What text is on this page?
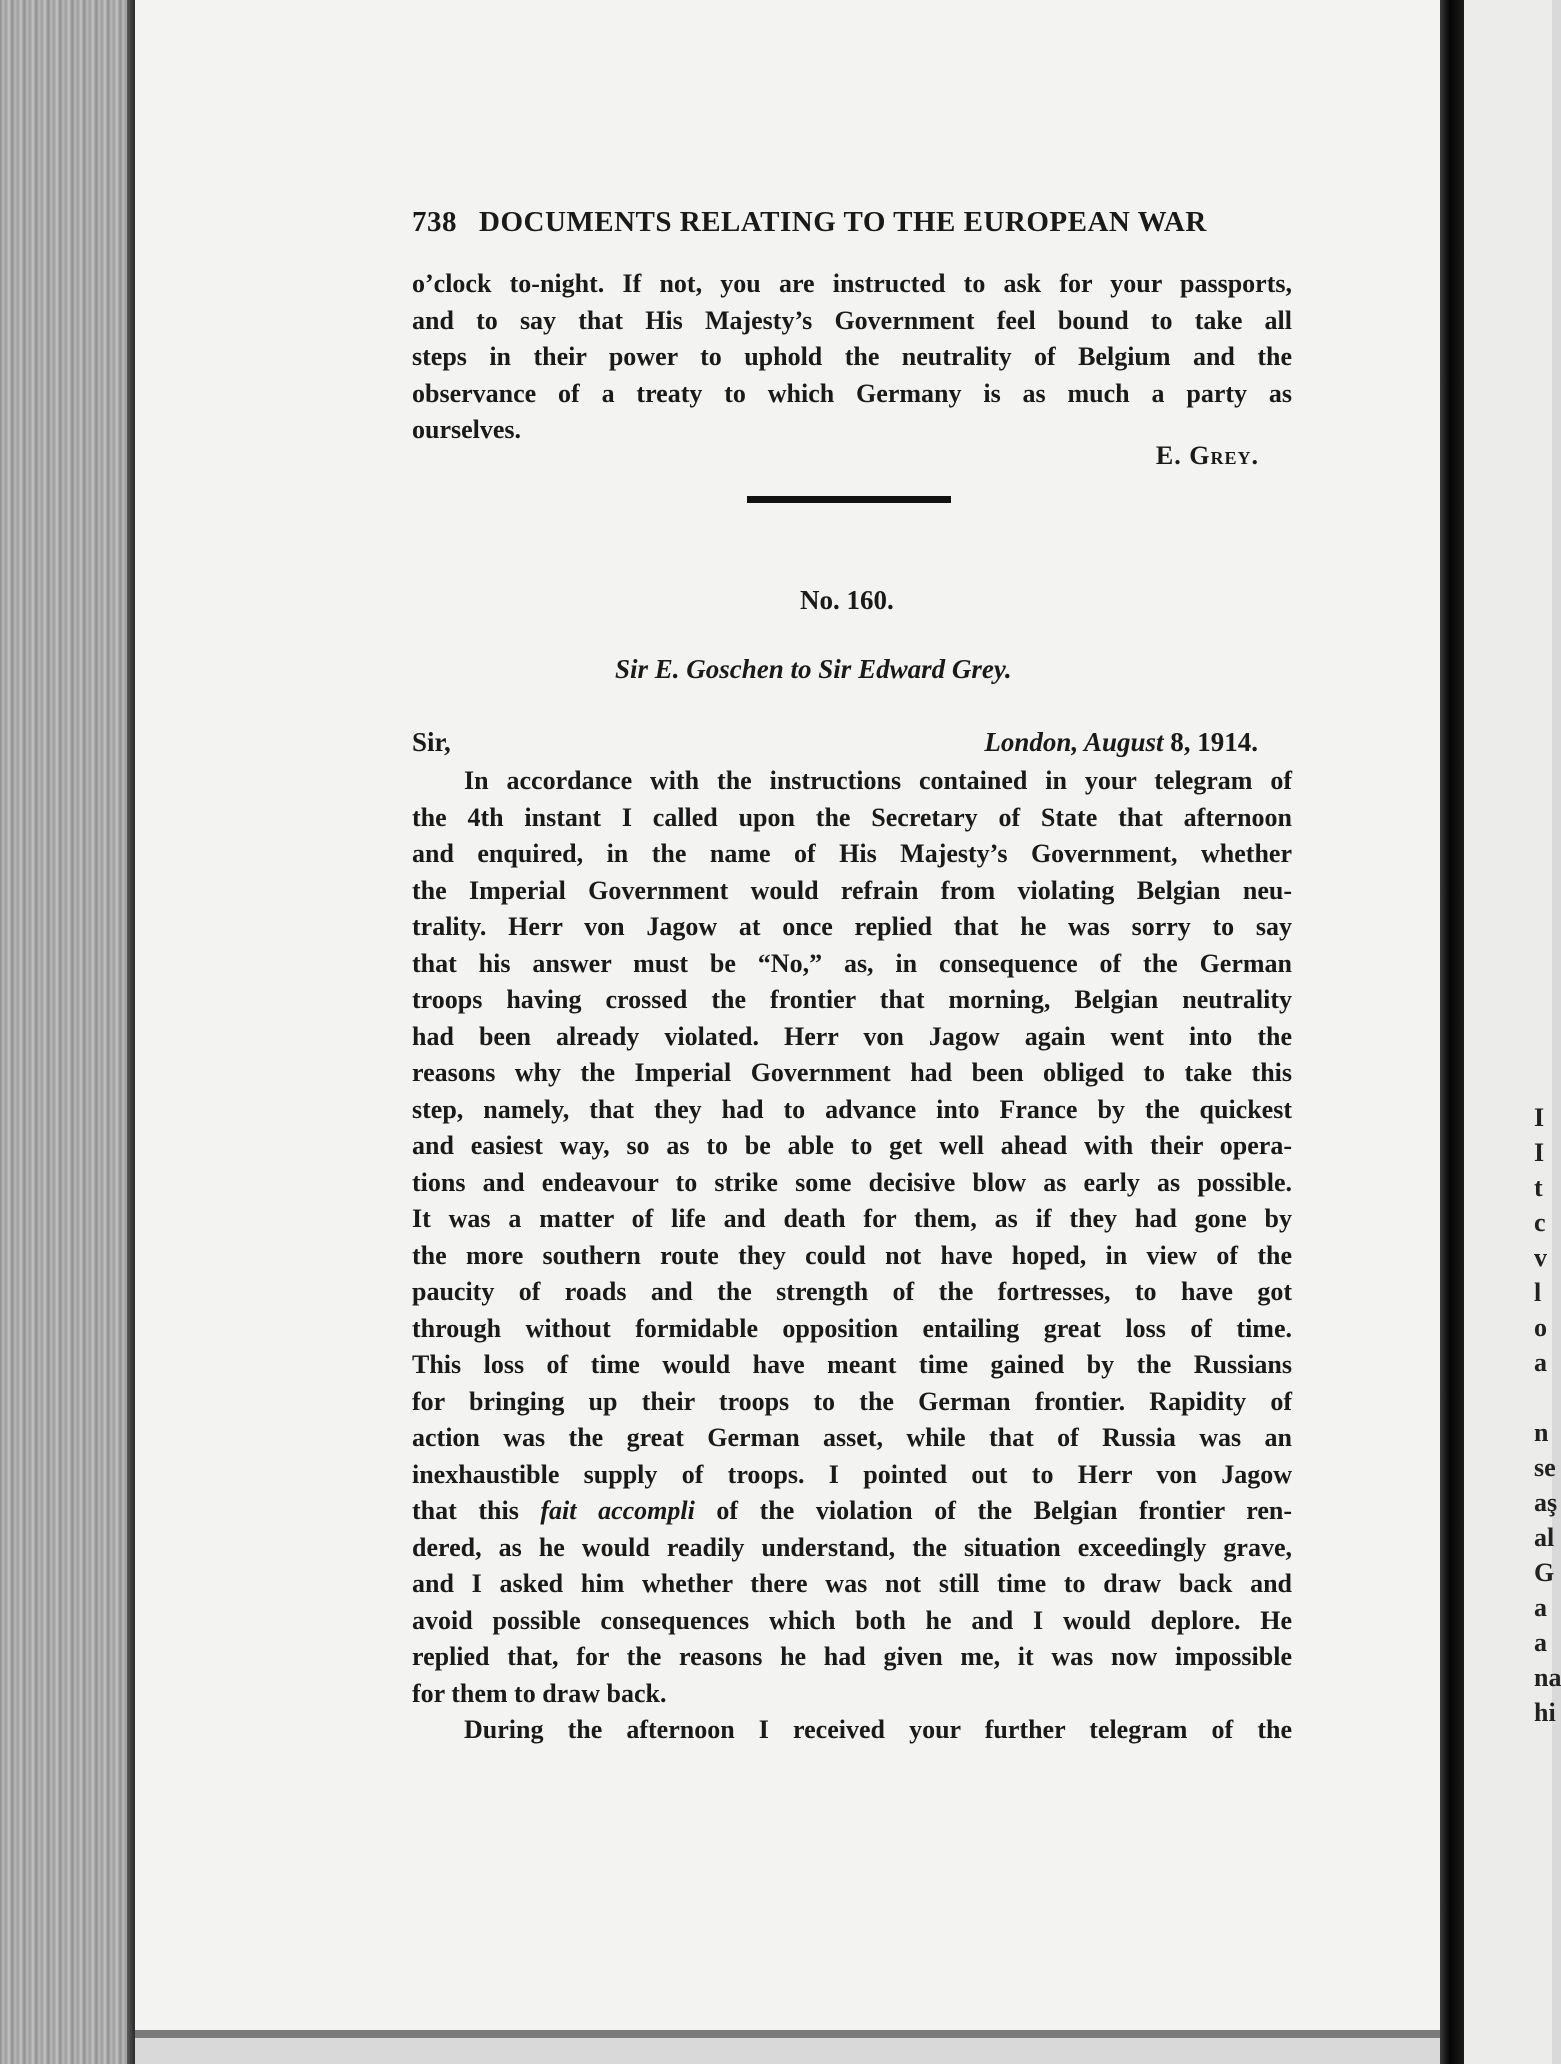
I
I
t
c
v
l
o
a
n
se
aş
al
G
a
a
na
hi
738 DOCUMENTS RELATING TO THE EUROPEAN WAR
o’clock to-night. If not, you are instructed to ask for your passports,
and to say that His Majesty’s Government feel bound to take all
steps in their power to uphold the neutrality of Belgium and the
observance of a treaty to which Germany is as much a party as
ourselves.
E. Grey.
No. 160.
Sir E. Goschen to Sir Edward Grey.
Sir,	London, August 8, 1914.
In accordance with the instructions contained in your telegram of
the 4th instant I called upon the Secretary of State that afternoon
and enquired, in the name of His Majesty’s Government, whether
the Imperial Government would refrain from violating Belgian neu-
trality. Herr von Jagow at once replied that he was sorry to say
that his answer must be “No,” as, in consequence of the German
troops having crossed the frontier that morning, Belgian neutrality
had been already violated. Herr von Jagow again went into the
reasons why the Imperial Government had been obliged to take this
step, namely, that they had to advance into France by the quickest
and easiest way, so as to be able to get well ahead with their opera-
tions and endeavour to strike some decisive blow as early as possible.
It was a matter of life and death for them, as if they had gone by
the more southern route they could not have hoped, in view of the
paucity of roads and the strength of the fortresses, to have got
through without formidable opposition entailing great loss of time.
This loss of time would have meant time gained by the Russians
for bringing up their troops to the German frontier. Rapidity of
action was the great German asset, while that of Russia was an
inexhaustible supply of troops. I pointed out to Herr von Jagow
that this fait accompli of the violation of the Belgian frontier ren-
dered, as he would readily understand, the situation exceedingly grave,
and I asked him whether there was not still time to draw back and
avoid possible consequences which both he and I would deplore. He
replied that, for the reasons he had given me, it was now impossible
for them to draw back.
During the afternoon I received your further telegram of the
